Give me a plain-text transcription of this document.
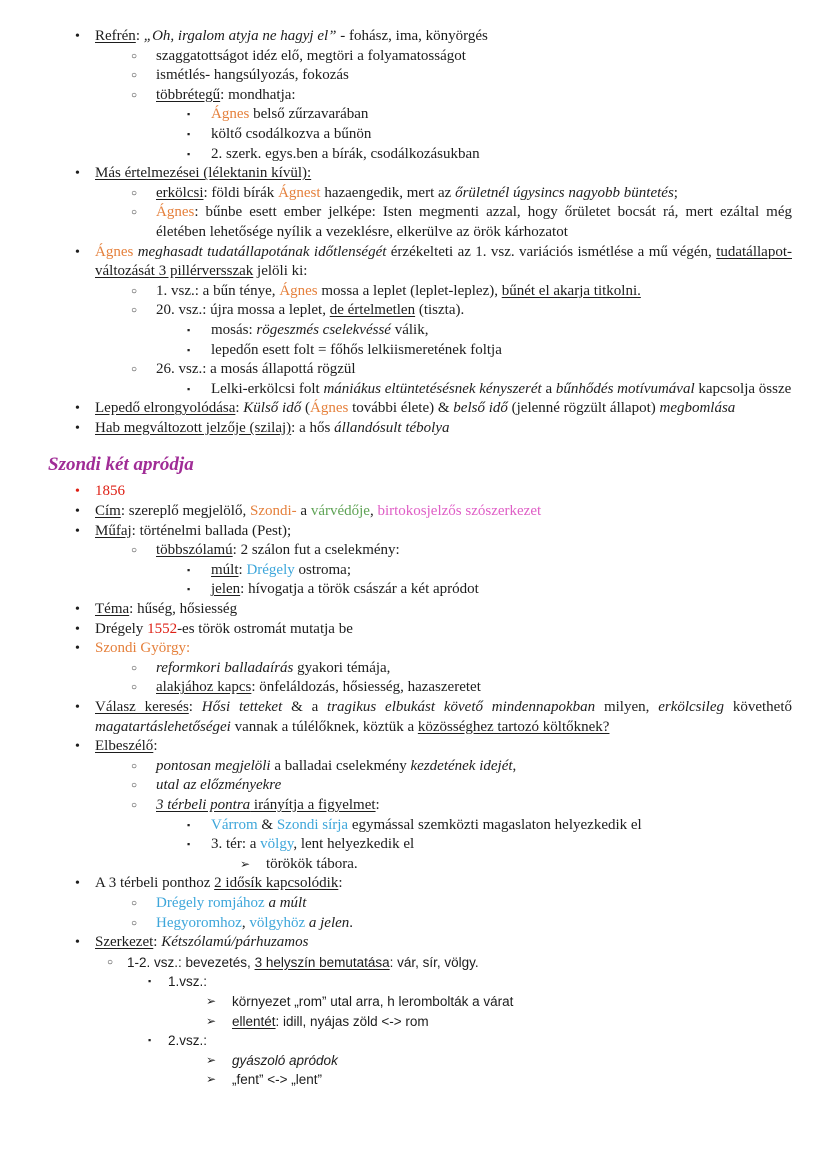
• Refrén: „Oh, irgalom atyja ne hagyj el” - fohász, ima, könyörgés
○ szaggatottságot idéz elő, megtöri a folyamatosságot
○ ismétlés- hangsúlyozás, fokozás
○ többrétegű: mondhatja:
▪ Ágnes belső zűrzavarában
▪ költő csodálkozva a bűnön
▪ 2. szerk. egys.ben a bírák, csodálkozásukban
• Más értelmezései (lélektanin kívül):
○ erkölcsi: földi bírák Ágnest hazaengedik, mert az őrületnél úgysincs nagyobb büntetés;
○ Ágnes: bűnbe esett ember jelképe: Isten megmenti azzal, hogy őrületet bocsát rá, mert ezáltal még életében lehetősége nyílik a vezeklésre, elkerülve az örök kárhozatot
• Ágnes meghasadt tudatállapotának időtlenségét érzékelteti az 1. vsz. variációs ismétlése a mű végén, tudatállapot-változását 3 pillérversszak jelöli ki:
○ 1. vsz.: a bűn ténye, Ágnes mossa a leplet (leplet-leplez), bűnét el akarja titkolni.
○ 20. vsz.: újra mossa a leplet, de értelmetlen (tiszta).
▪ mosás: rögeszmés cselekvéssé válik,
▪ lepedőn esett folt = főhős lelkiismeretének foltja
○ 26. vsz.: a mosás állapottá rögzül
▪ Lelki-erkölcsi folt mániákus eltüntetésésnek kényszerét a bűnhődés motívumával kapcsolja össze
• Lepedő elrongyolódása: Külső idő (Ágnes további élete) & belső idő (jelenné rögzült állapot) megbomlása
• Hab megváltozott jelzője (szilaj): a hős állandósult tébolya
Szondi két apródja
• 1856
• Cím: szereplő megjelölő, Szondi- a várvédője, birtokosjelzős szószerkezet
• Műfaj: történelmi ballada (Pest);
○ többszólamú: 2 szálon fut a cselekmény:
▪ múlt: Drégely ostroma;
▪ jelen: hívogatja a török császár a két apródot
• Téma: hűség, hősiesség
• Drégely 1552-es török ostromát mutatja be
• Szondi György:
○ reformkori balladaírás gyakori témája,
○ alakjához kapcs: önfeláldozás, hősiesség, hazaszeretet
• Válasz keresés: Hősi tetteket & a tragikus elbukást követő mindennapokban milyen, erkölcsileg követhető magatartáslehetőségei vannak a túlélőknek, köztük a közösséghez tartozó költőknek?
• Elbeszélő:
○ pontosan megjelöli a balladai cselekmény kezdetének idejét,
○ utal az előzményekre
○ 3 térbeli pontra irányítja a figyelmet:
▪ Várrom & Szondi sírja egymással szemközti magaslaton helyezkedik el
▪ 3. tér: a völgy, lent helyezkedik el
➢ törökök tábora.
• A 3 térbeli ponthoz 2 idősík kapcsolódik:
○ Drégely romjához a múlt
○ Hegyoromhoz, völgyhöz a jelen.
• Szerkezet: Kétszólamú/párhuzamos
○ 1-2. vsz.: bevezetés, 3 helyszín bemutatása: vár, sír, völgy.
▪ 1.vsz.:
➢ környezet „rom” utal arra, h lerombolták a várat
➢ ellentét: idill, nyájas zöld <-> rom
▪ 2.vsz.:
➢ gyászoló apródok
➢ „fent” <-> „lent”
